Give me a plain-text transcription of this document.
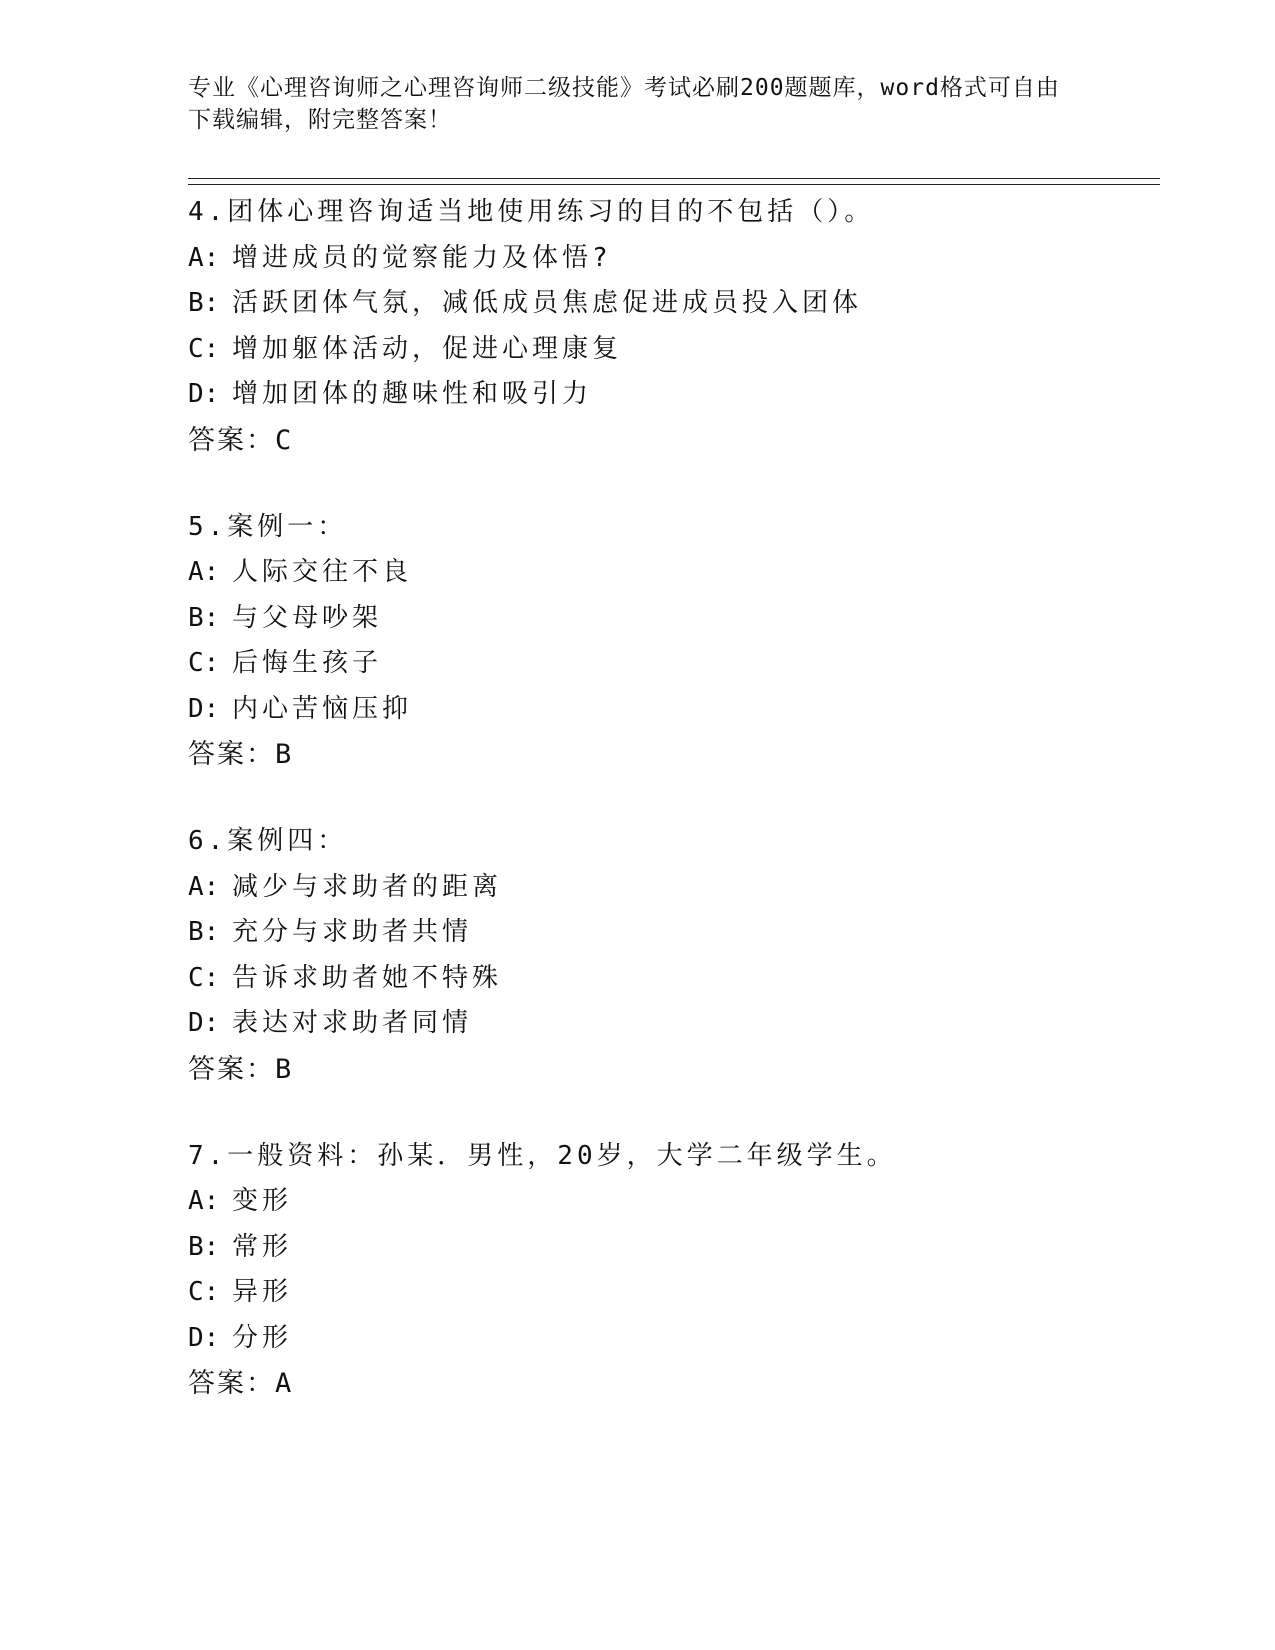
专业《心理咨询师之心理咨询师二级技能》考试必刷200题题库，word格式可自由下载编辑，附完整答案！
4.团体心理咨询适当地使用练习的目的不包括（）。
A: 增进成员的觉察能力及体悟?
B: 活跃团体气氛，减低成员焦虑促进成员投入团体
C: 增加躯体活动，促进心理康复
D: 增加团体的趣味性和吸引力
答案：C
5.案例一：
A: 人际交往不良
B: 与父母吵架
C: 后悔生孩子
D: 内心苦恼压抑
答案：B
6.案例四：
A: 减少与求助者的距离
B: 充分与求助者共情
C: 告诉求助者她不特殊
D: 表达对求助者同情
答案：B
7.一般资料：孙某．男性，20岁，大学二年级学生。
A: 变形
B: 常形
C: 异形
D: 分形
答案：A
